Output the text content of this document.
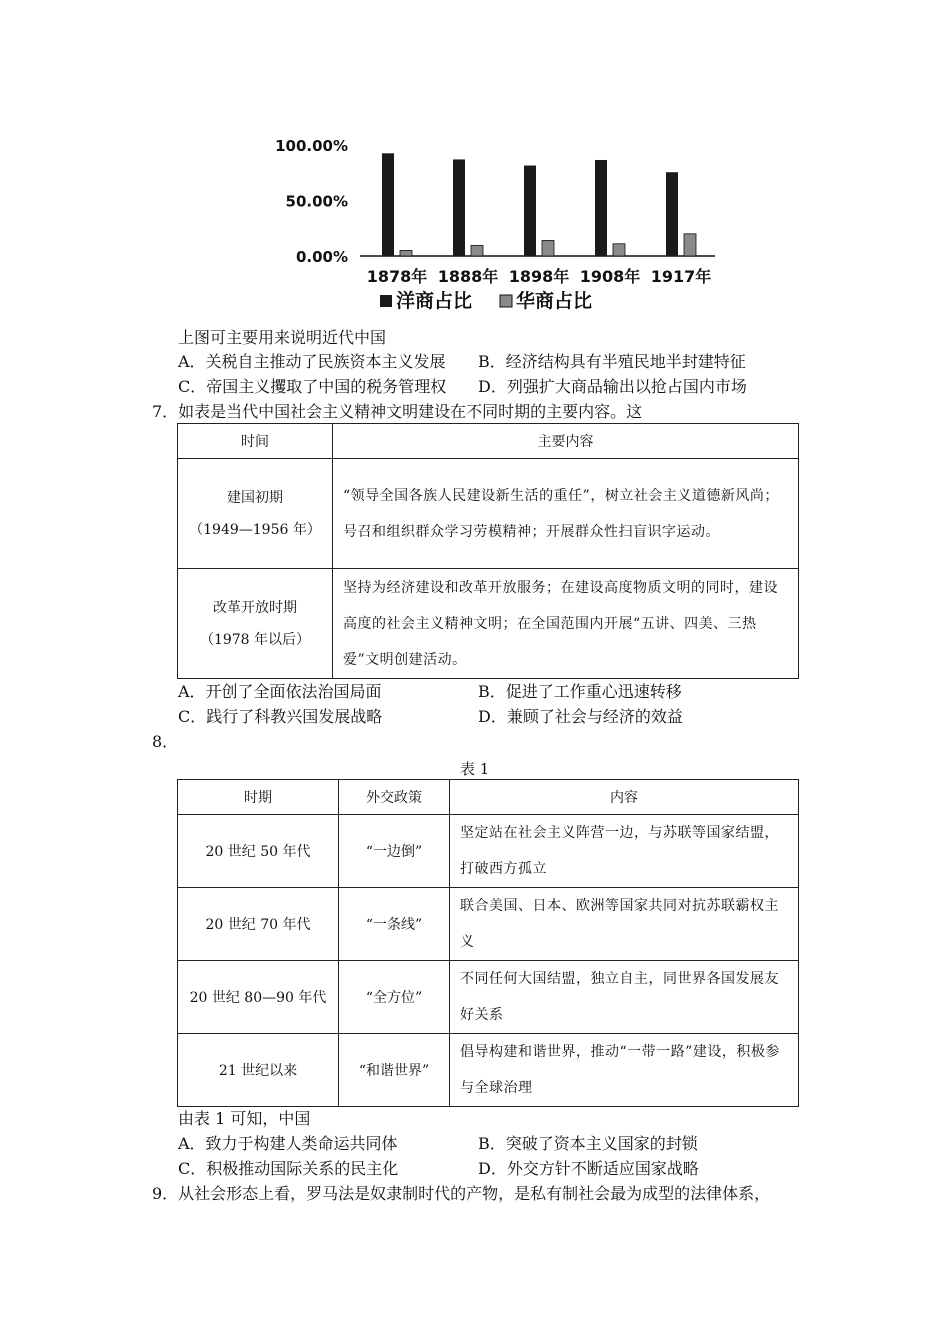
100.00%
50.00%
0.00%
1878年 1888年 1898年 1908年 1917年
洋商占比 华商占比
上图可主要用来说明近代中国
A．关税自主推动了民族资本主义发展 B．经济结构具有半殖民地半封建特征
C．帝国主义攫取了中国的税务管理权 D．列强扩大商品输出以抢占国内市场
7．如表是当代中国社会主义精神文明建设在不同时期的主要内容。这
时间	主要内容

建国初期
（1949—1956 年）	“领导全国各族人民建设新生活的重任”，树立社会主义道德新风尚；号召和组织群众学习劳模精神；开展群众性扫盲识字运动。

改革开放时期
（1978 年以后）	坚持为经济建设和改革开放服务；在建设高度物质文明的同时，建设高度的社会主义精神文明；在全国范围内开展“五讲、四美、三热爱”文明创建活动。
A．开创了全面依法治国局面	B．促进了工作重心迅速转移
C．践行了科教兴国发展战略	D．兼顾了社会与经济的效益
8．
表 1
时期	外交政策	内容
20 世纪 50 年代	“一边倒”	坚定站在社会主义阵营一边，与苏联等国家结盟，打破西方孤立
20 世纪 70 年代	“一条线”	联合美国、日本、欧洲等国家共同对抗苏联霸权主义
20 世纪 80—90 年代	“全方位”	不同任何大国结盟，独立自主，同世界各国发展友好关系
21 世纪以来	“和谐世界”	倡导构建和谐世界，推动“一带一路”建设，积极参与全球治理
由表 1 可知，中国
A．致力于构建人类命运共同体	B．突破了资本主义国家的封锁
C．积极推动国际关系的民主化	D．外交方针不断适应国家战略
9．从社会形态上看，罗马法是奴隶制时代的产物，是私有制社会最为成型的法律体系，
